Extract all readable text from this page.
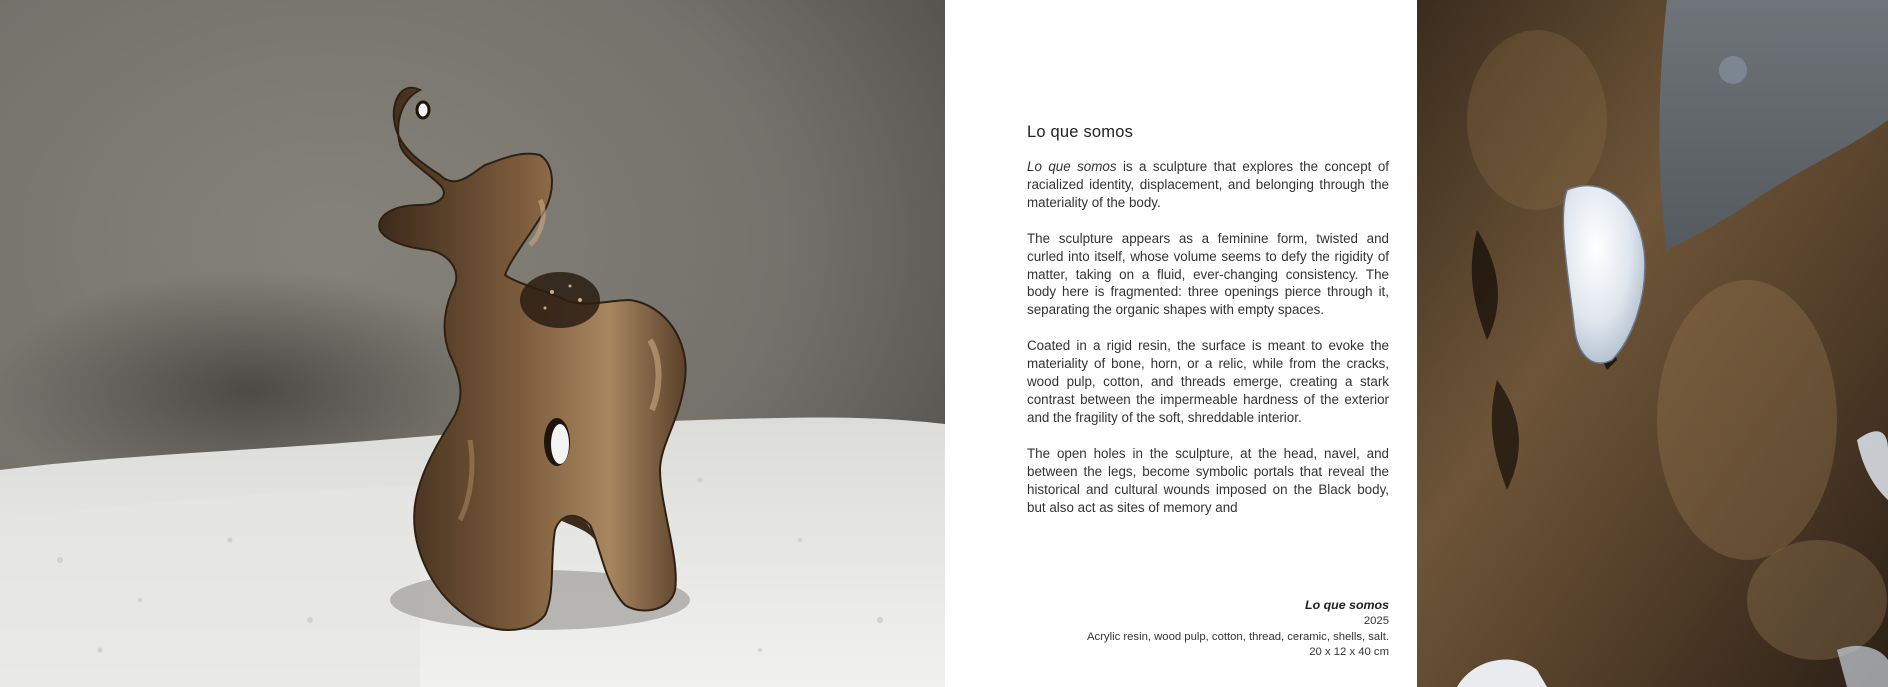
Lo que somos

Lo que somos is a sculpture that explores the concept of racialized identity, displacement, and belonging through the materiality of the body.

The sculpture appears as a feminine form, twisted and curled into itself, whose volume seems to defy the rigidity of matter, taking on a fluid, ever-changing consistency. The body here is fragmented: three openings pierce through it, separating the organic shapes with empty spaces.

Coated in a rigid resin, the surface is meant to evoke the materiality of bone, horn, or a relic, while from the cracks, wood pulp, cotton, and threads emerge, creating a stark contrast between the impermeable hardness of the exterior and the fragility of the soft, shreddable interior.

The open holes in the sculpture, at the head, navel, and between the legs, become symbolic portals that reveal the historical and cultural wounds imposed on the Black body, but also act as sites of memory and

Lo que somos
2025
Acrylic resin, wood pulp, cotton, thread, ceramic, shells, salt.
20 x 12 x 40 cm
